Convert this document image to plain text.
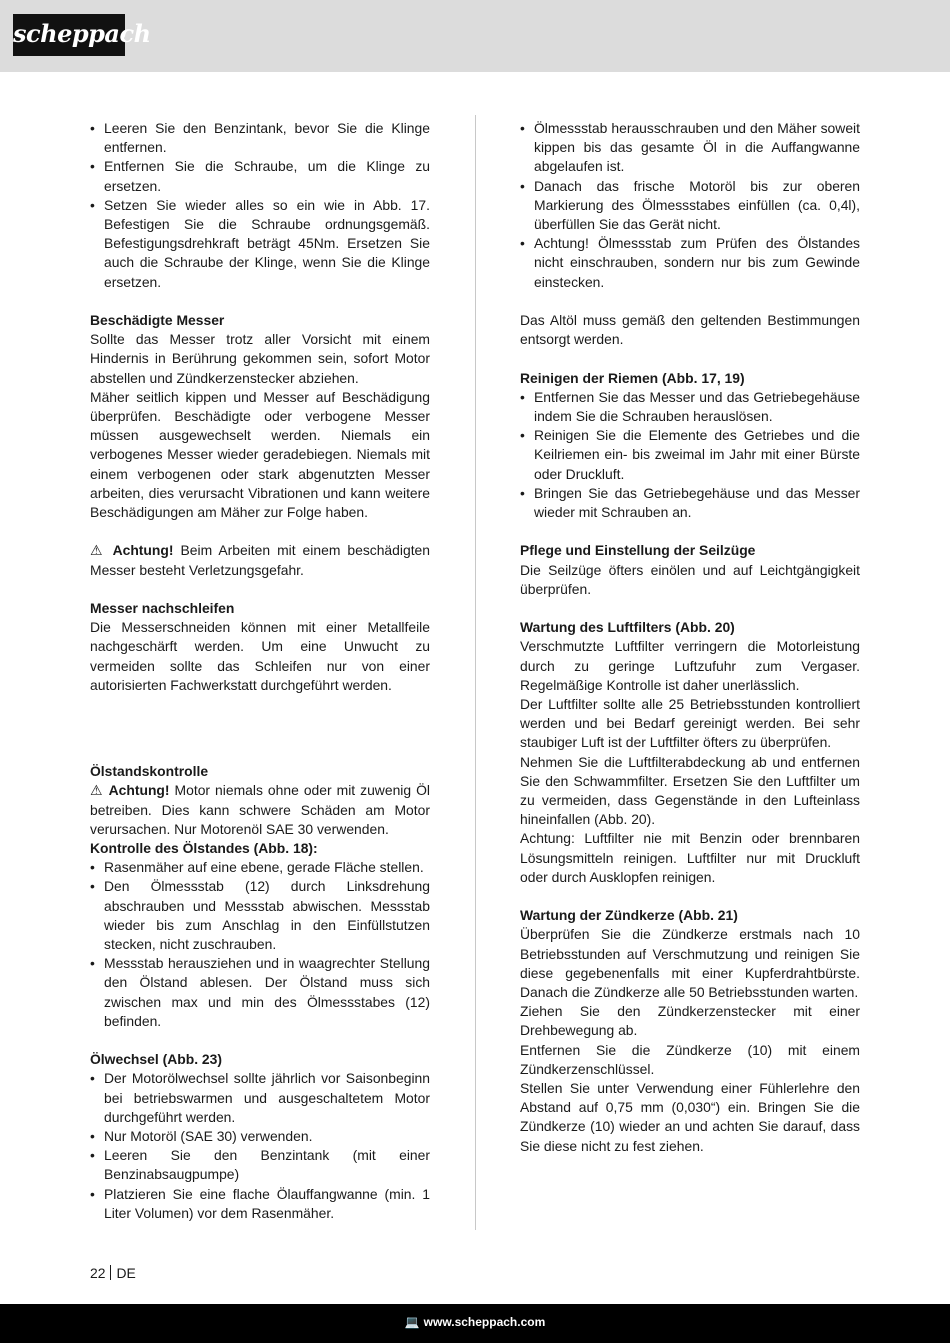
scheppach
• Leeren Sie den Benzintank, bevor Sie die Klinge entfernen.
• Entfernen Sie die Schraube, um die Klinge zu ersetzen.
• Setzen Sie wieder alles so ein wie in Abb. 17. Befestigen Sie die Schraube ordnungsgemäß. Befestigungsdrehkraft beträgt 45Nm. Ersetzen Sie auch die Schraube der Klinge, wenn Sie die Klinge ersetzen.
Beschädigte Messer

Sollte das Messer trotz aller Vorsicht mit einem Hindernis in Berührung gekommen sein, sofort Motor abstellen und Zündkerzenstecker abziehen.

Mäher seitlich kippen und Messer auf Beschädigung überprüfen. Beschädigte oder verbogene Messer müssen ausgewechselt werden. Niemals ein verbogenes Messer wieder geradebiegen. Niemals mit einem verbogenen oder stark abgenutzten Messer arbeiten, dies verursacht Vibrationen und kann weitere Beschädigungen am Mäher zur Folge haben.

⚠ Achtung! Beim Arbeiten mit einem beschädigten Messer besteht Verletzungsgefahr.

Messer nachschleifen

Die Messerschneiden können mit einer Metallfeile nachgeschärft werden. Um eine Unwucht zu vermeiden sollte das Schleifen nur von einer autorisierten Fachwerkstatt durchgeführt werden.

Ölstandskontrolle

⚠ Achtung! Motor niemals ohne oder mit zuwenig Öl betreiben. Dies kann schwere Schäden am Motor verursachen. Nur Motorenöl SAE 30 verwenden.

Kontrolle des Ölstandes (Abb. 18):
• Rasenmäher auf eine ebene, gerade Fläche stellen.
• Den Ölmessstab (12) durch Linksdrehung abschrauben und Messstab abwischen. Messstab wieder bis zum Anschlag in den Einfüllstutzen stecken, nicht zuschrauben.
• Messstab herausziehen und in waagrechter Stellung den Ölstand ablesen. Der Ölstand muss sich zwischen max und min des Ölmessstabes (12) befinden.
Ölwechsel (Abb. 23)
• Der Motorölwechsel sollte jährlich vor Saisonbeginn bei betriebswarmen und ausgeschaltetem Motor durchgeführt werden.
• Nur Motoröl (SAE 30) verwenden.
• Leeren Sie den Benzintank (mit einer Benzinabsaugpumpe)
• Platzieren Sie eine flache Ölauffangwanne (min. 1 Liter Volumen) vor dem Rasenmäher.
• Ölmessstab herausschrauben und den Mäher soweit kippen bis das gesamte Öl in die Auffangwanne abgelaufen ist.
• Danach das frische Motoröl bis zur oberen Markierung des Ölmessstabes einfüllen (ca. 0,4l), überfüllen Sie das Gerät nicht.
• Achtung! Ölmessstab zum Prüfen des Ölstandes nicht einschrauben, sondern nur bis zum Gewinde einstecken.

Das Altöl muss gemäß den geltenden Bestimmungen entsorgt werden.

Reinigen der Riemen (Abb. 17, 19)
• Entfernen Sie das Messer und das Getriebegehäuse indem Sie die Schrauben herauslösen.
• Reinigen Sie die Elemente des Getriebes und die Keilriemen ein- bis zweimal im Jahr mit einer Bürste oder Druckluft.
• Bringen Sie das Getriebegehäuse und das Messer wieder mit Schrauben an.
Pflege und Einstellung der Seilzüge

Die Seilzüge öfters einölen und auf Leichtgängigkeit überprüfen.

Wartung des Luftfilters (Abb. 20)

Verschmutzte Luftfilter verringern die Motorleistung durch zu geringe Luftzufuhr zum Vergaser. Regelmäßige Kontrolle ist daher unerlässlich.

Der Luftfilter sollte alle 25 Betriebsstunden kontrolliert werden und bei Bedarf gereinigt werden. Bei sehr staubiger Luft ist der Luftfilter öfters zu überprüfen.

Nehmen Sie die Luftfilterabdeckung ab und entfernen Sie den Schwammfilter. Ersetzen Sie den Luftfilter um zu vermeiden, dass Gegenstände in den Lufteinlass hineinfallen (Abb. 20).

Achtung: Luftfilter nie mit Benzin oder brennbaren Lösungsmitteln reinigen. Luftfilter nur mit Druckluft oder durch Ausklopfen reinigen.

Wartung der Zündkerze (Abb. 21)

Überprüfen Sie die Zündkerze erstmals nach 10 Betriebsstunden auf Verschmutzung und reinigen Sie diese gegebenenfalls mit einer Kupferdrahtbürste. Danach die Zündkerze alle 50 Betriebsstunden warten.

Ziehen Sie den Zündkerzenstecker mit einer Drehbewegung ab.

Entfernen Sie die Zündkerze (10) mit einem Zündkerzenschlüssel.

Stellen Sie unter Verwendung einer Fühlerlehre den Abstand auf 0,75 mm (0,030“) ein. Bringen Sie die Zündkerze (10) wieder an und achten Sie darauf, dass Sie diese nicht zu fest ziehen.

22 DE
💻 www.scheppach.com
